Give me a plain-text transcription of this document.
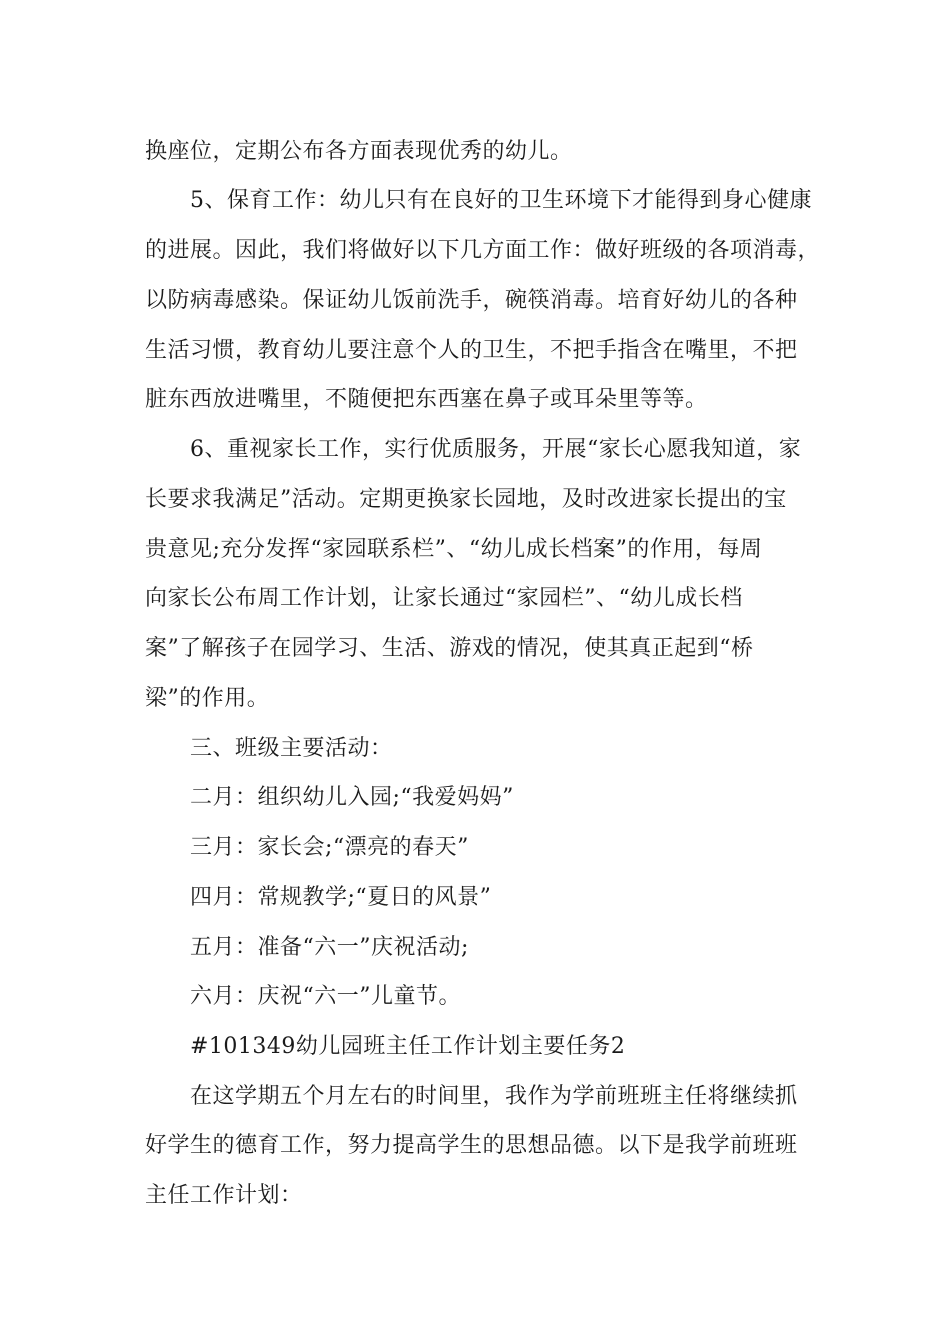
换座位，定期公布各方面表现优秀的幼儿。
5、保育工作：幼儿只有在良好的卫生环境下才能得到身心健康
的进展。因此，我们将做好以下几方面工作：做好班级的各项消毒，
以防病毒感染。保证幼儿饭前洗手，碗筷消毒。培育好幼儿的各种
生活习惯，教育幼儿要注意个人的卫生，不把手指含在嘴里，不把
脏东西放进嘴里，不随便把东西塞在鼻子或耳朵里等等。
6、重视家长工作，实行优质服务，开展“家长心愿我知道，家
长要求我满足”活动。定期更换家长园地，及时改进家长提出的宝
贵意见;充分发挥“家园联系栏”、“幼儿成长档案”的作用，每周
向家长公布周工作计划，让家长通过“家园栏”、“幼儿成长档
案”了解孩子在园学习、生活、游戏的情况，使其真正起到“桥
梁”的作用。
三、班级主要活动：
二月：组织幼儿入园;“我爱妈妈”
三月：家长会;“漂亮的春天”
四月：常规教学;“夏日的风景”
五月：准备“六一”庆祝活动;
六月：庆祝“六一”儿童节。
#101349幼儿园班主任工作计划主要任务2
在这学期五个月左右的时间里，我作为学前班班主任将继续抓
好学生的德育工作，努力提高学生的思想品德。以下是我学前班班
主任工作计划：
